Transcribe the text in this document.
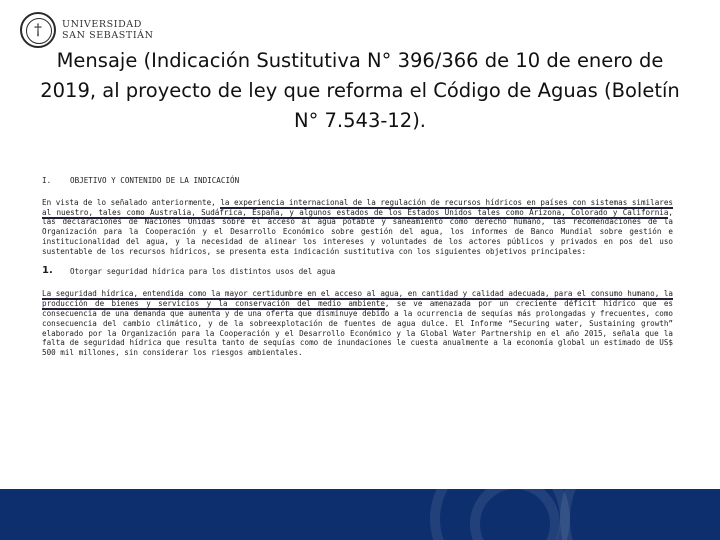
†
UNIVERSIDAD
SAN SEBASTIÁN
Mensaje (Indicación Sustitutiva N° 396/366 de 10 de enero de 2019, al proyecto de ley que reforma el Código de Aguas (Boletín N° 7.543-12).
I.	OBJETIVO Y CONTENIDO DE LA INDICACIÓN

En vista de lo señalado anteriormente, la experiencia internacional de la regulación de recursos hídricos en países con sistemas similares al nuestro, tales como Australia, Sudáfrica, España, y algunos estados de los Estados Unidos tales como Arizona, Colorado y California, las declaraciones de Naciones Unidas sobre el acceso al agua potable y saneamiento como derecho humano, las recomendaciones de la Organización para la Cooperación y el Desarrollo Económico sobre gestión del agua, los informes de Banco Mundial sobre gestión e institucionalidad del agua, y la necesidad de alinear los intereses y voluntades de los actores públicos y privados en pos del uso sustentable de los recursos hídricos, se presenta esta indicación sustitutiva con los siguientes objetivos principales:

1.	Otorgar seguridad hídrica para los distintos usos del agua

La seguridad hídrica, entendida como la mayor certidumbre en el acceso al agua, en cantidad y calidad adecuada, para el consumo humano, la producción de bienes y servicios y la conservación del medio ambiente, se ve amenazada por un creciente déficit hídrico que es consecuencia de una demanda que aumenta y de una oferta que disminuye debido a la ocurrencia de sequías más prolongadas y frecuentes, como consecuencia del cambio climático, y de la sobreexplotación de fuentes de agua dulce. El Informe “Securing water, Sustaining growth” elaborado por la Organización para la Cooperación y el Desarrollo Económico y la Global Water Partnership en el año 2015, señala que la falta de seguridad hídrica que resulta tanto de sequías como de inundaciones le cuesta anualmente a la economía global un estimado de US$ 500 mil millones, sin considerar los riesgos ambientales.
